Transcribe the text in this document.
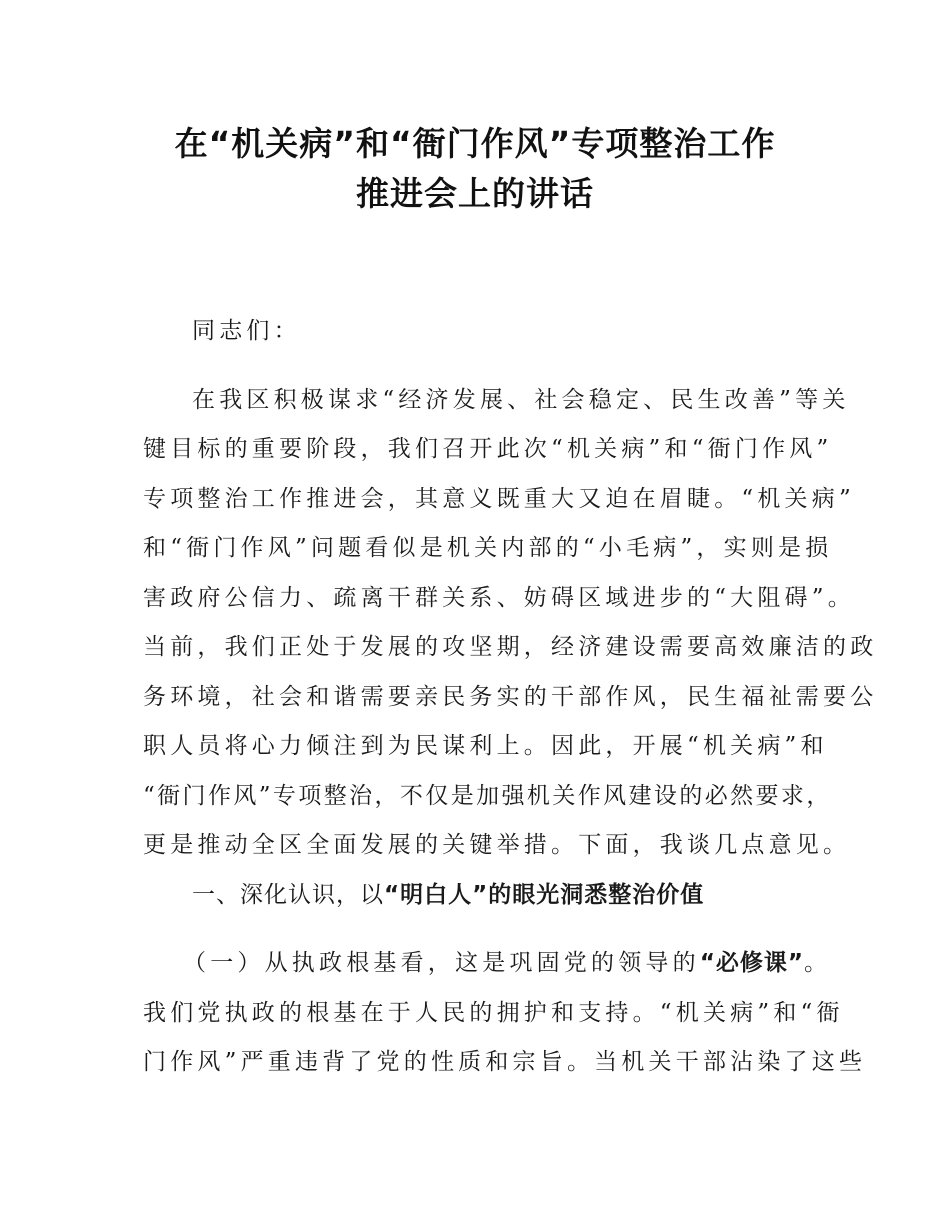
在“机关病”和“衙门作风”专项整治工作
推进会上的讲话

同志们：

在我区积极谋求“经济发展、社会稳定、民生改善”等关
键目标的重要阶段，我们召开此次“机关病”和“衙门作风”
专项整治工作推进会，其意义既重大又迫在眉睫。“机关病”
和“衙门作风”问题看似是机关内部的“小毛病”，实则是损
害政府公信力、疏离干群关系、妨碍区域进步的“大阻碍”。
当前，我们正处于发展的攻坚期，经济建设需要高效廉洁的政
务环境，社会和谐需要亲民务实的干部作风，民生福祉需要公
职人员将心力倾注到为民谋利上。因此，开展“机关病”和
“衙门作风”专项整治，不仅是加强机关作风建设的必然要求，
更是推动全区全面发展的关键举措。下面，我谈几点意见。

一、深化认识，以“明白人”的眼光洞悉整治价值

（一）从执政根基看，这是巩固党的领导的“必修课”。
我们党执政的根基在于人民的拥护和支持。“机关病”和“衙
门作风”严重违背了党的性质和宗旨。当机关干部沾染了这些
